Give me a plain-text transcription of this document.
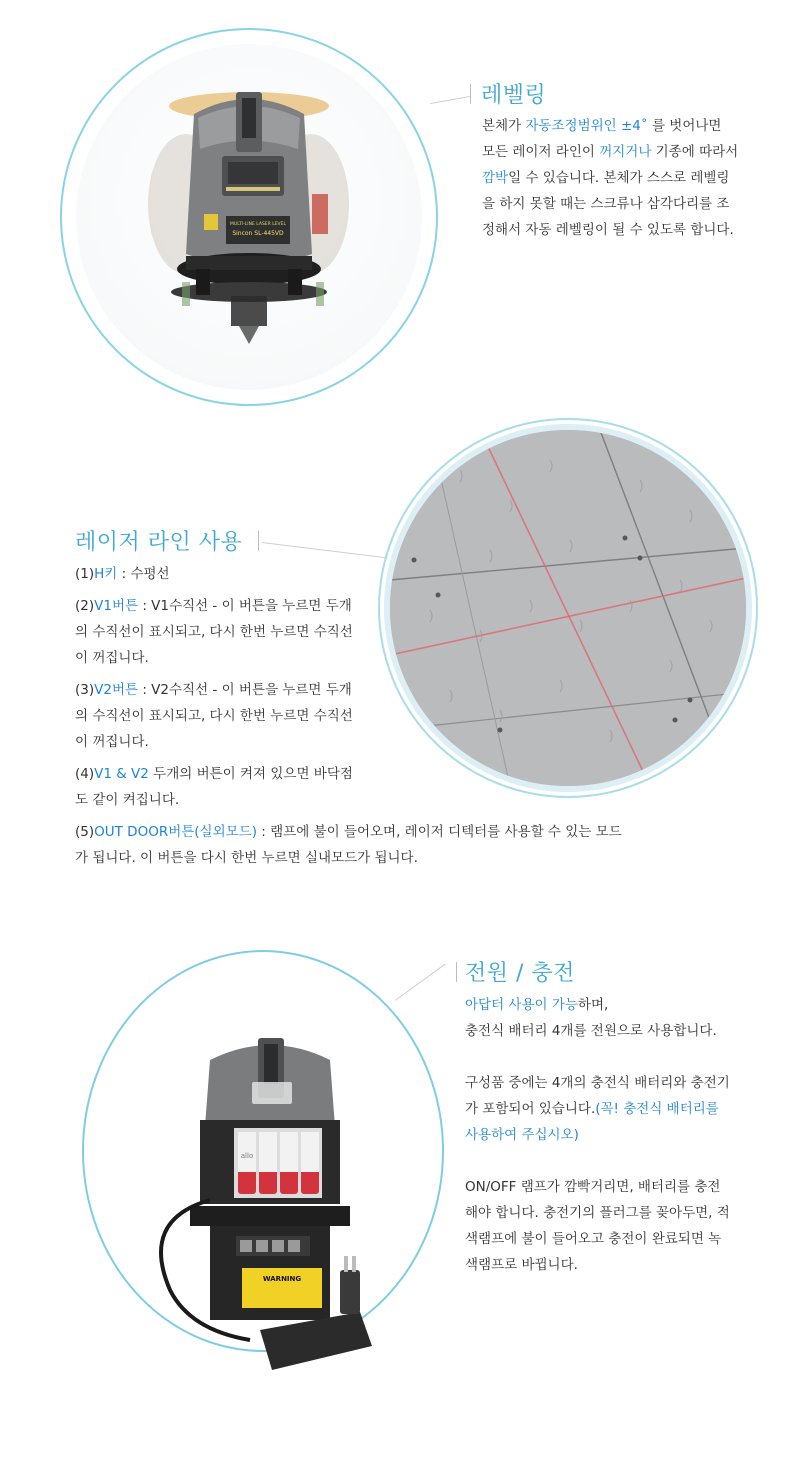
MULTI-LINE LASER LEVEL
Sincon SL-445VD
레벨링
본체가 자동조정범위인 ±4˚ 를 벗어나면
모든 레이저 라인이 꺼지거나 기종에 따라서
깜박일 수 있습니다. 본체가 스스로 레벨링
을 하지 못할 때는 스크류나 삼각다리를 조
정해서 자동 레벨링이 될 수 있도록 합니다.
레이저 라인 사용
(1)H키 : 수평선
(2)V1버튼 : V1수직선 - 이 버튼을 누르면 두개
의 수직선이 표시되고, 다시 한번 누르면 수직선
이 꺼집니다.
(3)V2버튼 : V2수직선 - 이 버튼을 누르면 두개
의 수직선이 표시되고, 다시 한번 누르면 수직선
이 꺼집니다.
(4)V1 & V2 두개의 버튼이 켜져 있으면 바닥점
도 같이 켜집니다.
(5)OUT DOOR버튼(실외모드) : 램프에 불이 들어오며, 레이저 디텍터를 사용할 수 있는 모드
가 됩니다. 이 버튼을 다시 한번 누르면 실내모드가 됩니다.
allo
WARNING
전원 / 충전
아답터 사용이 가능하며,
충전식 배터리 4개를 전원으로 사용합니다.
구성품 중에는 4개의 충전식 배터리와 충전기
가 포함되어 있습니다.(꼭! 충전식 배터리를
사용하여 주십시오)
ON/OFF 램프가 깜빡거리면, 배터리를 충전
해야 합니다. 충전기의 플러그를 꽂아두면, 적
색램프에 불이 들어오고 충전이 완료되면 녹
색램프로 바뀝니다.
